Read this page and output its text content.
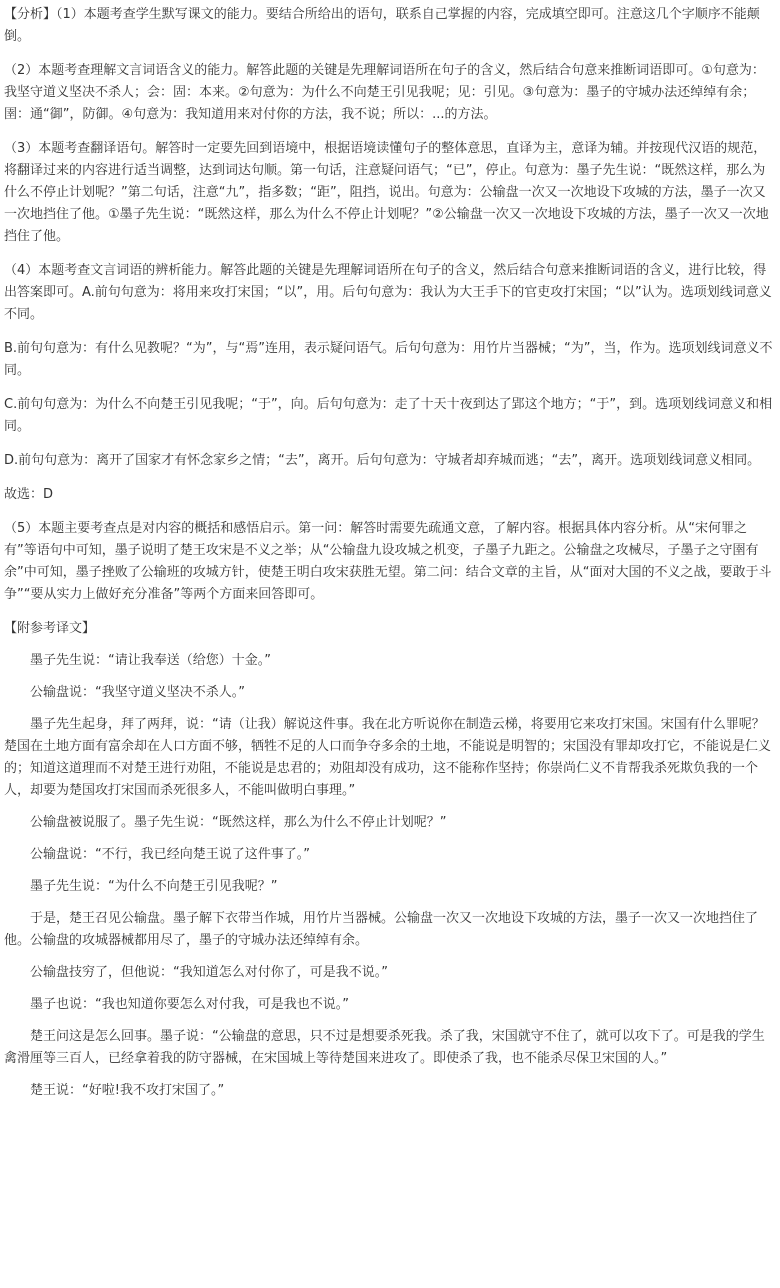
【分析】（1）本题考查学生默写课文的能力。要结合所给出的语句，联系自己掌握的内容，完成填空即可。注意这几个字顺序不能颠倒。

（2）本题考查理解文言词语含义的能力。解答此题的关键是先理解词语所在句子的含义，然后结合句意来推断词语即可。①句意为：我坚守道义坚决不杀人；会：固：本来。②句意为：为什么不向楚王引见我呢；见：引见。③句意为：墨子的守城办法还绰绰有余；圉：通“御”，防御。④句意为：我知道用来对付你的方法，我不说；所以：...的方法。

（3）本题考查翻译语句。解答时一定要先回到语境中，根据语境读懂句子的整体意思，直译为主，意译为辅。并按现代汉语的规范，将翻译过来的内容进行适当调整，达到词达句顺。第一句话，注意疑问语气；“已”，停止。句意为：墨子先生说：“既然这样，那么为什么不停止计划呢？”第二句话，注意“九”，指多数；“距”，阻挡，说出。句意为：公输盘一次又一次地设下攻城的方法，墨子一次又一次地挡住了他。①墨子先生说：“既然这样，那么为什么不停止计划呢？”②公输盘一次又一次地设下攻城的方法，墨子一次又一次地挡住了他。

（4）本题考查文言词语的辨析能力。解答此题的关键是先理解词语所在句子的含义，然后结合句意来推断词语的含义，进行比较，得出答案即可。A.前句句意为：将用来攻打宋国；“以”，用。后句句意为：我认为大王手下的官吏攻打宋国；“以”认为。选项划线词意义不同。

B.前句句意为：有什么见教呢？“为”，与“焉”连用，表示疑问语气。后句句意为：用竹片当器械；“为”，当，作为。选项划线词意义不同。

C.前句句意为：为什么不向楚王引见我呢；“于”，向。后句句意为：走了十天十夜到达了郢这个地方；“于”，到。选项划线词意义和相同。

D.前句句意为：离开了国家才有怀念家乡之情；“去”，离开。后句句意为：守城者却弃城而逃；“去”，离开。选项划线词意义相同。

故选：D

（5）本题主要考查点是对内容的概括和感悟启示。第一问：解答时需要先疏通文意，了解内容。根据具体内容分析。从“宋何罪之有”等语句中可知，墨子说明了楚王攻宋是不义之举；从“公输盘九设攻城之机变，子墨子九距之。公输盘之攻械尽，子墨子之守圉有余”中可知，墨子挫败了公输班的攻城方针，使楚王明白攻宋获胜无望。第二问：结合文章的主旨，从“面对大国的不义之战，要敢于斗争”“要从实力上做好充分准备”等两个方面来回答即可。

【附参考译文】

墨子先生说：“请让我奉送（给您）十金。”

公输盘说：“我坚守道义坚决不杀人。”

墨子先生起身，拜了两拜，说：“请（让我）解说这件事。我在北方听说你在制造云梯，将要用它来攻打宋国。宋国有什么罪呢？楚国在土地方面有富余却在人口方面不够，牺牲不足的人口而争夺多余的土地，不能说是明智的；宋国没有罪却攻打它，不能说是仁义的；知道这道理而不对楚王进行劝阻，不能说是忠君的；劝阻却没有成功，这不能称作坚持；你崇尚仁义不肯帮我杀死欺负我的一个人，却要为楚国攻打宋国而杀死很多人，不能叫做明白事理。”

公输盘被说服了。墨子先生说：“既然这样，那么为什么不停止计划呢？”

公输盘说：“不行，我已经向楚王说了这件事了。”

墨子先生说：“为什么不向楚王引见我呢？”

于是，楚王召见公输盘。墨子解下衣带当作城，用竹片当器械。公输盘一次又一次地设下攻城的方法，墨子一次又一次地挡住了他。公输盘的攻城器械都用尽了，墨子的守城办法还绰绰有余。

公输盘技穷了，但他说：“我知道怎么对付你了，可是我不说。”

墨子也说：“我也知道你要怎么对付我，可是我也不说。”

楚王问这是怎么回事。墨子说：“公输盘的意思，只不过是想要杀死我。杀了我，宋国就守不住了，就可以攻下了。可是我的学生禽滑厘等三百人，已经拿着我的防守器械，在宋国城上等待楚国来进攻了。即使杀了我，也不能杀尽保卫宋国的人。”

楚王说：“好啦!我不攻打宋国了。”
